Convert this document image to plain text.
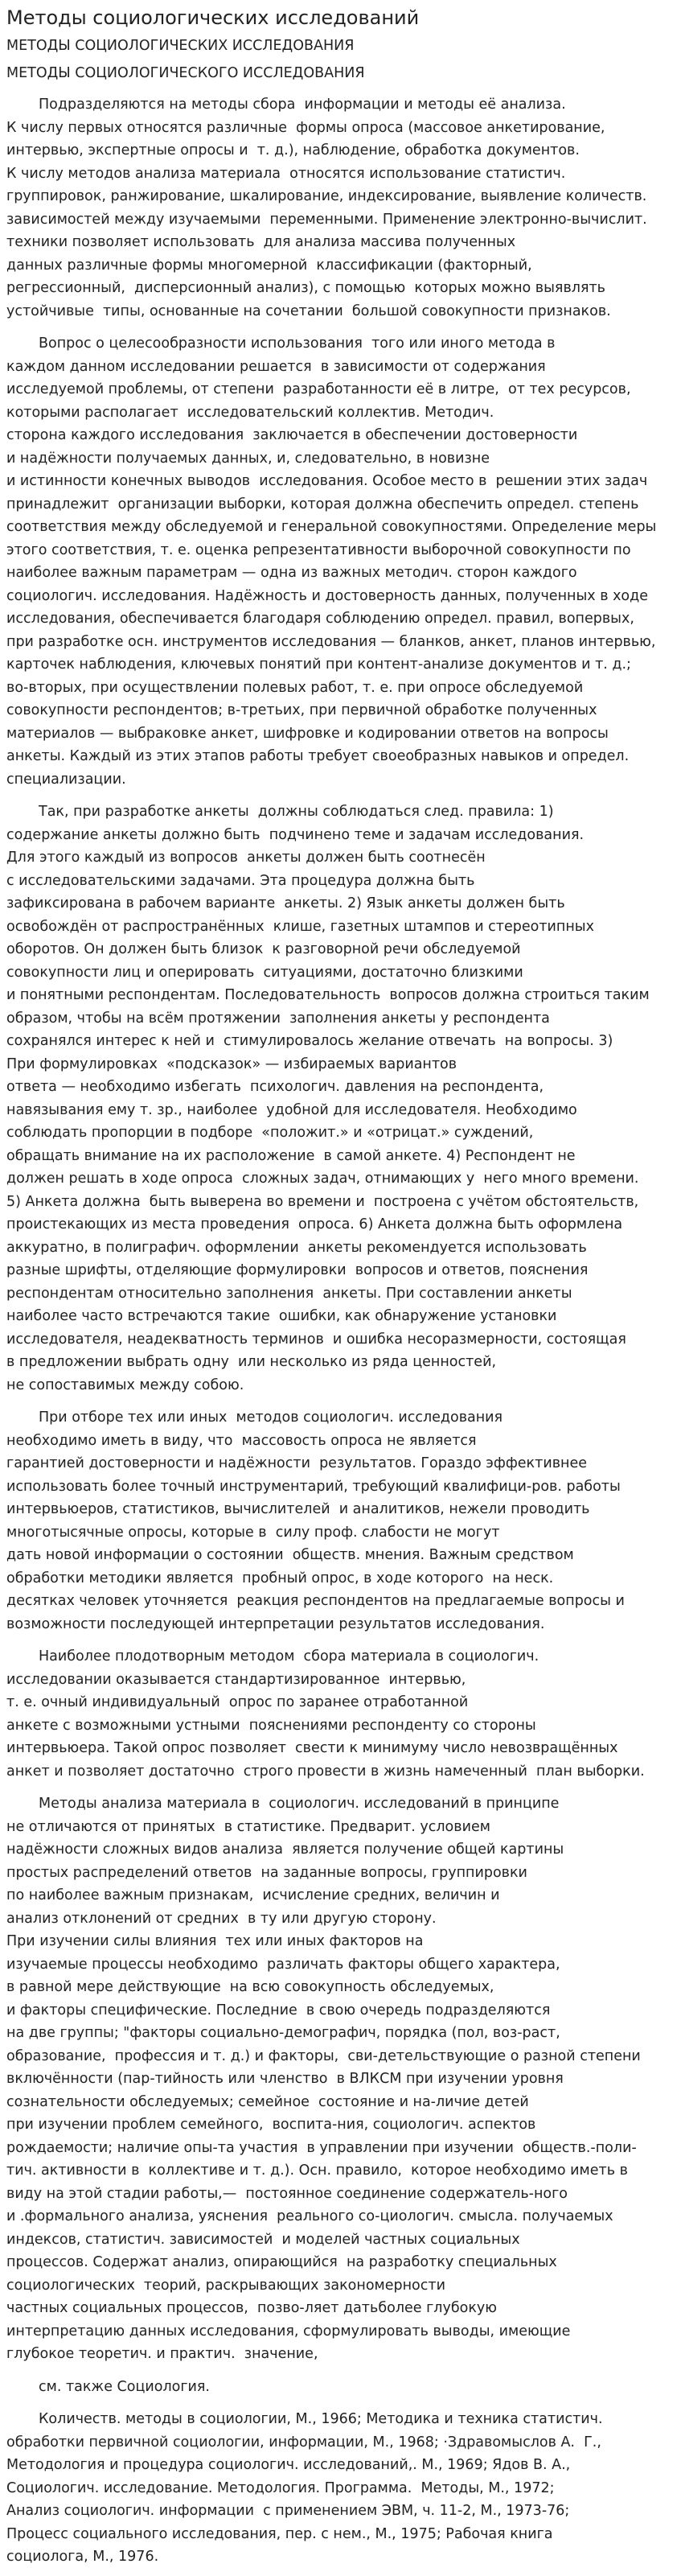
Методы социологических исследований
МЕТОДЫ СОЦИОЛОГИЧЕСКИХ ИССЛЕДОВАНИЯ
МЕТОДЫ СОЦИОЛОГИЧЕСКОГО ИССЛЕДОВАНИЯ
Подразделяются на методы сбора  информации и методы её анализа.
К числу первых относятся различные  формы опроса (массовое анкетирование,
интервью, экспертные опросы и  т. д.), наблюдение, обработка документов.
К числу методов анализа материала  относятся использование статистич.
группировок, ранжирование, шкалирование, индексирование, выявление количеств.
зависимостей между изучаемыми  переменными. Применение электронно-вычислит.
техники позволяет использовать  для анализа массива полученных
данных различные формы многомерной  классификации (факторный,
регрессионный,  дисперсионный анализ), с помощью  которых можно выявлять
устойчивые  типы, основанные на сочетании  большой совокупности признаков.
Вопрос о целесообразности использования  того или иного метода в
каждом данном исследовании решается  в зависимости от содержания
исследуемой проблемы, от степени  разработанности её в литре,  от тех ресурсов,
которыми располагает  исследовательский коллектив. Методич.
сторона каждого исследования  заключается в обеспечении достоверности
и надёжности получаемых данных, и, следовательно, в новизне
и истинности конечных выводов  исследования. Особое место в  решении этих задач
принадлежит  организации выборки, которая должна обеспечить определ. степень
соответствия между обследуемой и генеральной совокупностями. Определение меры
этого соответствия, т. е. оценка репрезентативности выборочной совокупности по
наиболее важным параметрам — одна из важных методич. сторон каждого
социологич. исследования. Надёжность и достоверность данных, полученных в ходе
исследования, обеспечивается благодаря соблюдению определ. правил, вопервых,
при разработке осн. инструментов исследования — бланков, анкет, планов интервью,
карточек наблюдения, ключевых понятий при контент-анализе документов и т. д.;
во-вторых, при осуществлении полевых работ, т. е. при опросе обследуемой
совокупности респондентов; в-третьих, при первичной обработке полученных
материалов — выбраковке анкет, шифровке и кодировании ответов на вопросы
анкеты. Каждый из этих этапов работы требует своеобразных навыков и определ.
специализации.
Так, при разработке анкеты  должны соблюдаться след. правила: 1)
содержание анкеты должно быть  подчинено теме и задачам исследования.
Для этого каждый из вопросов  анкеты должен быть соотнесён
с исследовательскими задачами. Эта процедура должна быть
зафиксирована в рабочем варианте  анкеты. 2) Язык анкеты должен быть
освобождён от распространённых  клише, газетных штампов и стереотипных
оборотов. Он должен быть близок  к разговорной речи обследуемой
совокупности лиц и оперировать  ситуациями, достаточно близкими
и понятными респондентам. Последовательность  вопросов должна строиться таким
образом, чтобы на всём протяжении  заполнения анкеты у респондента
сохранялся интерес к ней и  стимулировалось желание отвечать  на вопросы. 3)
При формулировках  «подсказок» — избираемых вариантов
ответа — необходимо избегать  психологич. давления на респондента,
навязывания ему т. зр., наиболее  удобной для исследователя. Необходимо
соблюдать пропорции в подборе  «положит.» и «отрицат.» суждений,
обращать внимание на их расположение  в самой анкете. 4) Респондент не
должен решать в ходе опроса  сложных задач, отнимающих у  него много времени.
5) Анкета должна  быть выверена во времени и  построена с учётом обстоятельств,
проистекающих из места проведения  опроса. 6) Анкета должна быть оформлена
аккуратно, в полиграфич. оформлении  анкеты рекомендуется использовать
разные шрифты, отделяющие формулировки  вопросов и ответов, пояснения
респондентам относительно заполнения  анкеты. При составлении анкеты
наиболее часто встречаются такие  ошибки, как обнаружение установки
исследователя, неадекватность терминов  и ошибка несоразмерности, состоящая
в предложении выбрать одну  или несколько из ряда ценностей,
не сопоставимых между собою.
При отборе тех или иных  методов социологич. исследования
необходимо иметь в виду, что  массовость опроса не является
гарантией достоверности и надёжности  результатов. Гораздо эффективнее
использовать более точный инструментарий, требующий квалифици-ров. работы
интервьюеров, статистиков, вычислителей  и аналитиков, нежели проводить
многотысячные опросы, которые в  силу проф. слабости не могут
дать новой информации о состоянии  обществ. мнения. Важным средством
обработки методики является  пробный опрос, в ходе которого  на неск.
десятках человек уточняется  реакция респондентов на предлагаемые вопросы и
возможности последующей интерпретации результатов исследования.
Наиболее плодотворным методом  сбора материала в социологич.
исследовании оказывается стандартизированное  интервью,
т. е. очный индивидуальный  опрос по заранее отработанной
анкете с возможными устными  пояснениями респонденту со стороны
интервьюера. Такой опрос позволяет  свести к минимуму число невозвращённых
анкет и позволяет достаточно  строго провести в жизнь намеченный  план выборки.
Методы анализа материала в  социологич. исследований в принципе
не отличаются от принятых  в статистике. Предварит. условием
надёжности сложных видов анализа  является получение общей картины
простых распределений ответов  на заданные вопросы, группировки
по наиболее важным признакам,  исчисление средних, величин и
анализ отклонений от средних  в ту или другую сторону.
При изучении силы влияния  тех или иных факторов на
изучаемые процессы необходимо  различать факторы общего характера,
в равной мере действующие  на всю совокупность обследуемых,
и факторы специфические. Последние  в свою очередь подразделяются
на две группы; "факторы социально-демографич, порядка (пол, воз-раст,
образование,  профессия и т. д.) и факторы,  сви-детельствующие о разной степени
включённости (пар-тийность или членство  в ВЛКСМ при изучении уровня
сознательности обследуемых; семейное  состояние и на-личие детей
при изучении проблем семейного,  воспита-ния, социологич. аспектов
рождаемости; наличие опы-та участия  в управлении при изучении  обществ.-поли-
тич. активности в  коллективе и т. д.). Осн. правило,  которое необходимо иметь в
виду на этой стадии работы,—  постоянное соединение содержатель-ного
и .формального анализа, уяснения  реального со-циологич. смысла. получаемых
индексов, статистич. зависимостей  и моделей частных социальных
процессов. Содержат анализ, опирающийся  на разработку специальных
социологических  теорий, раскрывающих закономерности
частных социальных процессов,  позво-ляет датьболее глубокую
интерпретацию данных исследования, сформулировать выводы, имеющие
глубокое теоретич. и практич.  значение,
см. также Социология.
Количеств. методы в социологии, М., 1966; Методика и техника статистич.
обработки первичной социологии, информации, М., 1968; ·Здравомыслов А.  Г.,
Методология и процедура социологич. исследований,. М., 1969; Ядов В. А.,
Социологич. исследование. Методология. Программа.  Методы, М., 1972;
Анализ социологич. информации  с применением ЭВМ, ч. 11-2, М., 1973-76;
Процесс социального исследования, пер. с нем., М., 1975; Рабочая книга
социолога, М., 1976.
